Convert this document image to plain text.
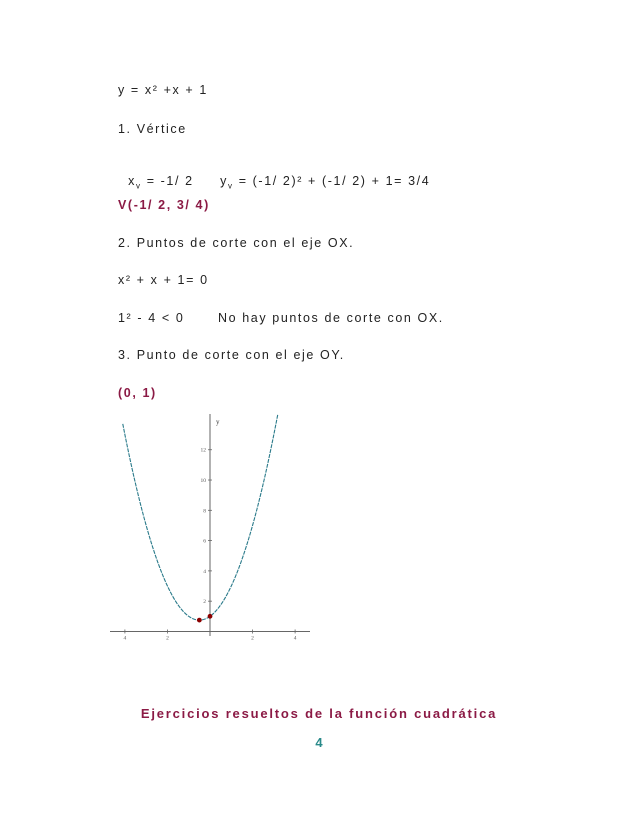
y = x² +x + 1
1. Vértice

$x_v = -1/$ 2	$y_v = (-1/$ 2)² + (-1/ 2) + 1= 3/4

V(-1/ 2, 3/ 4)
2. Puntos de corte con el eje OX.
x² + x + 1= 0
1² - 4 < 0	No hay puntos de corte con OX.
3. Punto de corte con el eje OY.
(0, 1)
y
4	2	2	4
2
4
6
8
10
12
Ejercicios resueltos de la función cuadrática
4
